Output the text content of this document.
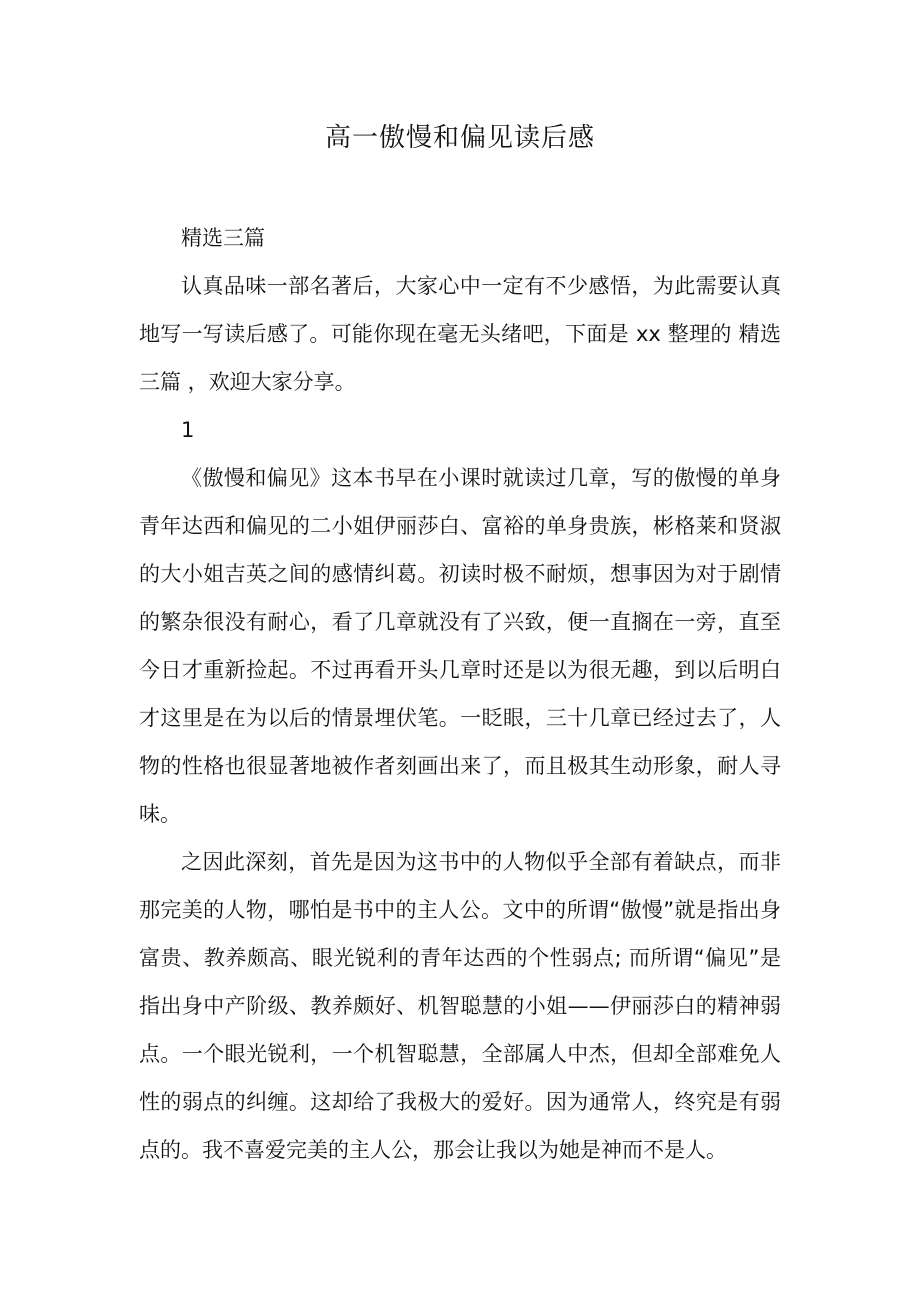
高一傲慢和偏见读后感

精选三篇

认真品味一部名著后，大家心中一定有不少感悟，为此需要认真地写一写读后感了。可能你现在毫无头绪吧，下面是 xx 整理的 精选三篇 ，欢迎大家分享。

1

《傲慢和偏见》这本书早在小课时就读过几章，写的傲慢的单身青年达西和偏见的二小姐伊丽莎白、富裕的单身贵族，彬格莱和贤淑的大小姐吉英之间的感情纠葛。初读时极不耐烦，想事因为对于剧情的繁杂很没有耐心，看了几章就没有了兴致，便一直搁在一旁，直至今日才重新捡起。不过再看开头几章时还是以为很无趣，到以后明白才这里是在为以后的情景埋伏笔。一眨眼，三十几章已经过去了，人物的性格也很显著地被作者刻画出来了，而且极其生动形象，耐人寻味。

之因此深刻，首先是因为这书中的人物似乎全部有着缺点，而非那完美的人物，哪怕是书中的主人公。文中的所谓“傲慢”就是指出身富贵、教养颇高、眼光锐利的青年达西的个性弱点; 而所谓“偏见”是指出身中产阶级、教养颇好、机智聪慧的小姐——伊丽莎白的精神弱点。一个眼光锐利，一个机智聪慧，全部属人中杰，但却全部难免人性的弱点的纠缠。这却给了我极大的爱好。因为通常人，终究是有弱点的。我不喜爱完美的主人公，那会让我以为她是神而不是人。
